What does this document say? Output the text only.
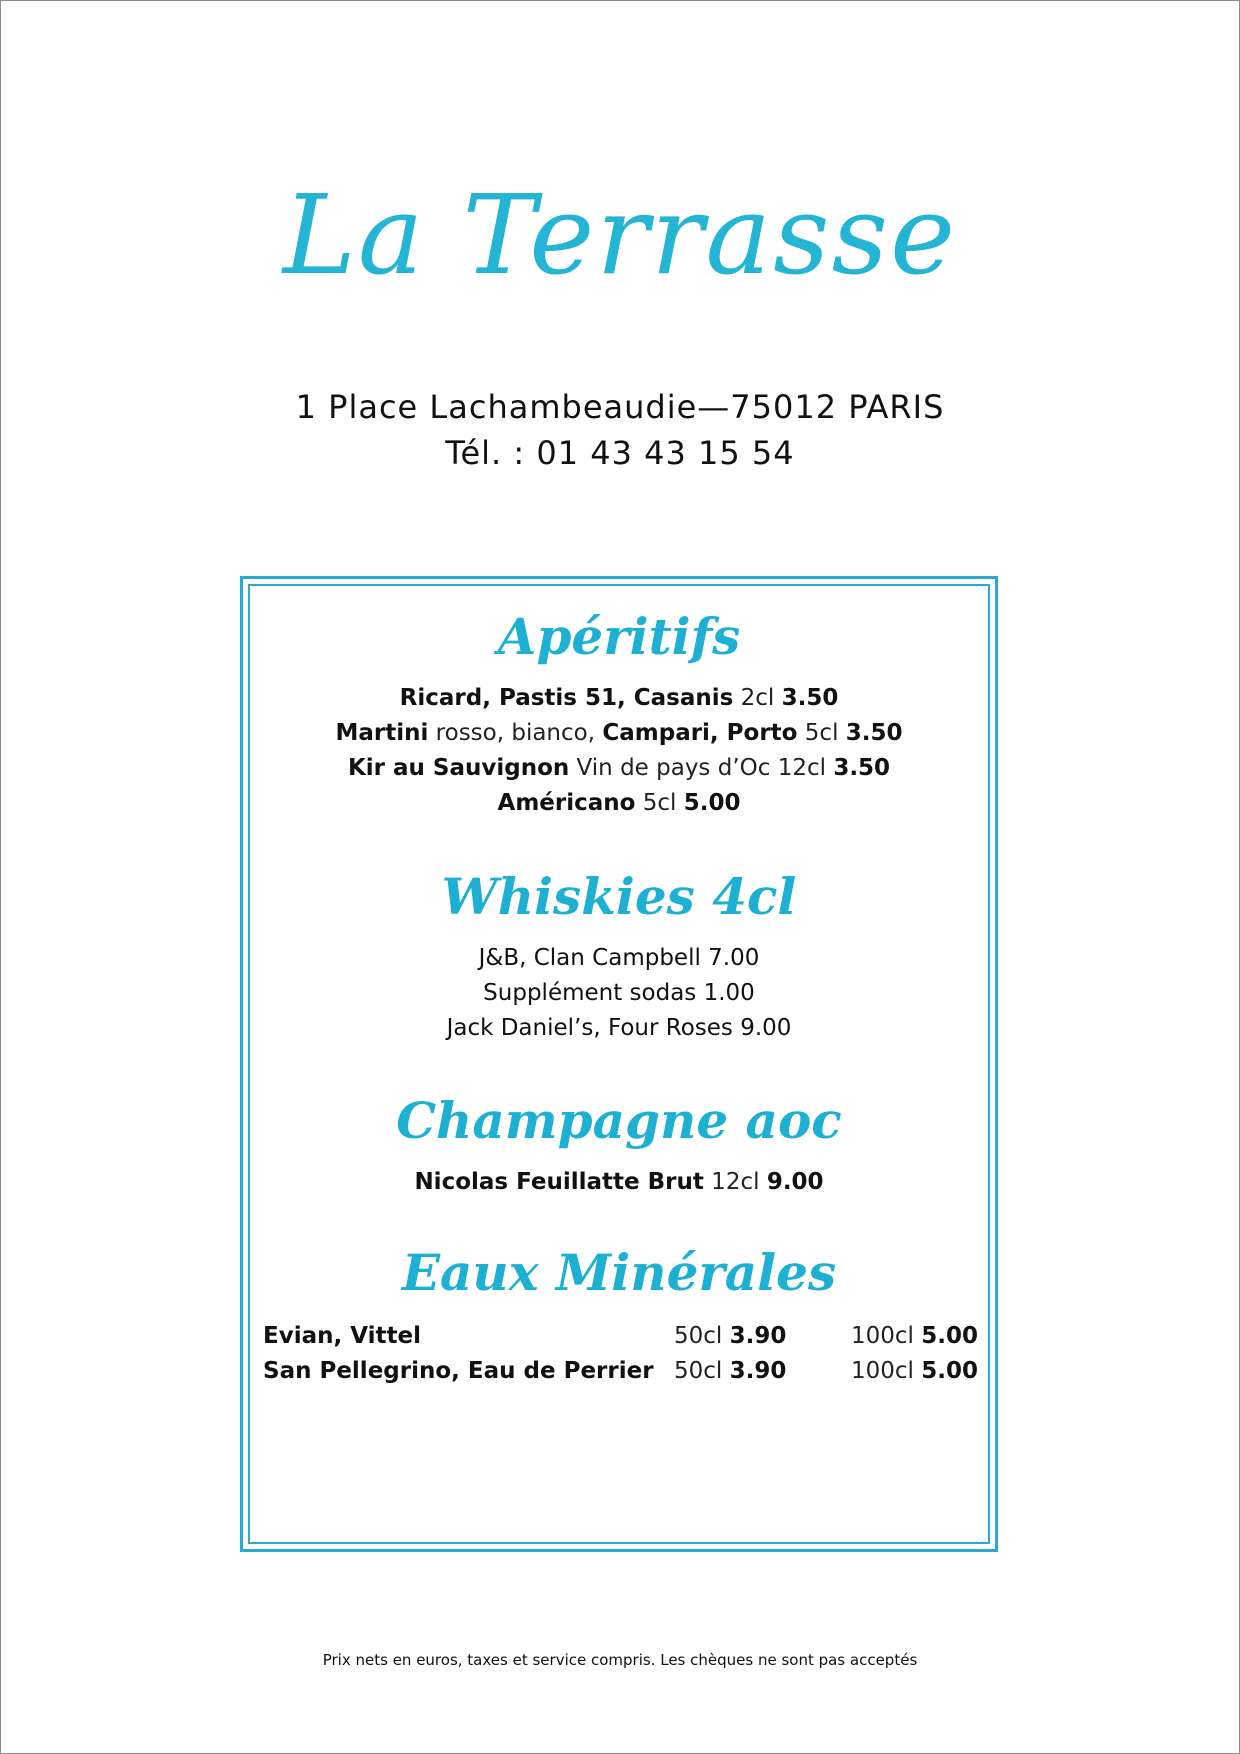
La Terrasse
1 Place Lachambeaudie—75012 PARIS
Tél. : 01 43 43 15 54
Apéritifs
Ricard, Pastis 51, Casanis 2cl 3.50
Martini rosso, bianco, Campari, Porto 5cl 3.50
Kir au Sauvignon Vin de pays d’Oc 12cl 3.50
Américano 5cl 5.00
Whiskies 4cl
J&B, Clan Campbell 7.00
Supplément sodas 1.00
Jack Daniel’s, Four Roses 9.00
Champagne aoc
Nicolas Feuillatte Brut 12cl 9.00
Eaux Minérales
Evian, Vittel	50cl 3.90	100cl 5.00
San Pellegrino, Eau de Perrier 50cl 3.90	100cl 5.00
Prix nets en euros, taxes et service compris. Les chèques ne sont pas acceptés
